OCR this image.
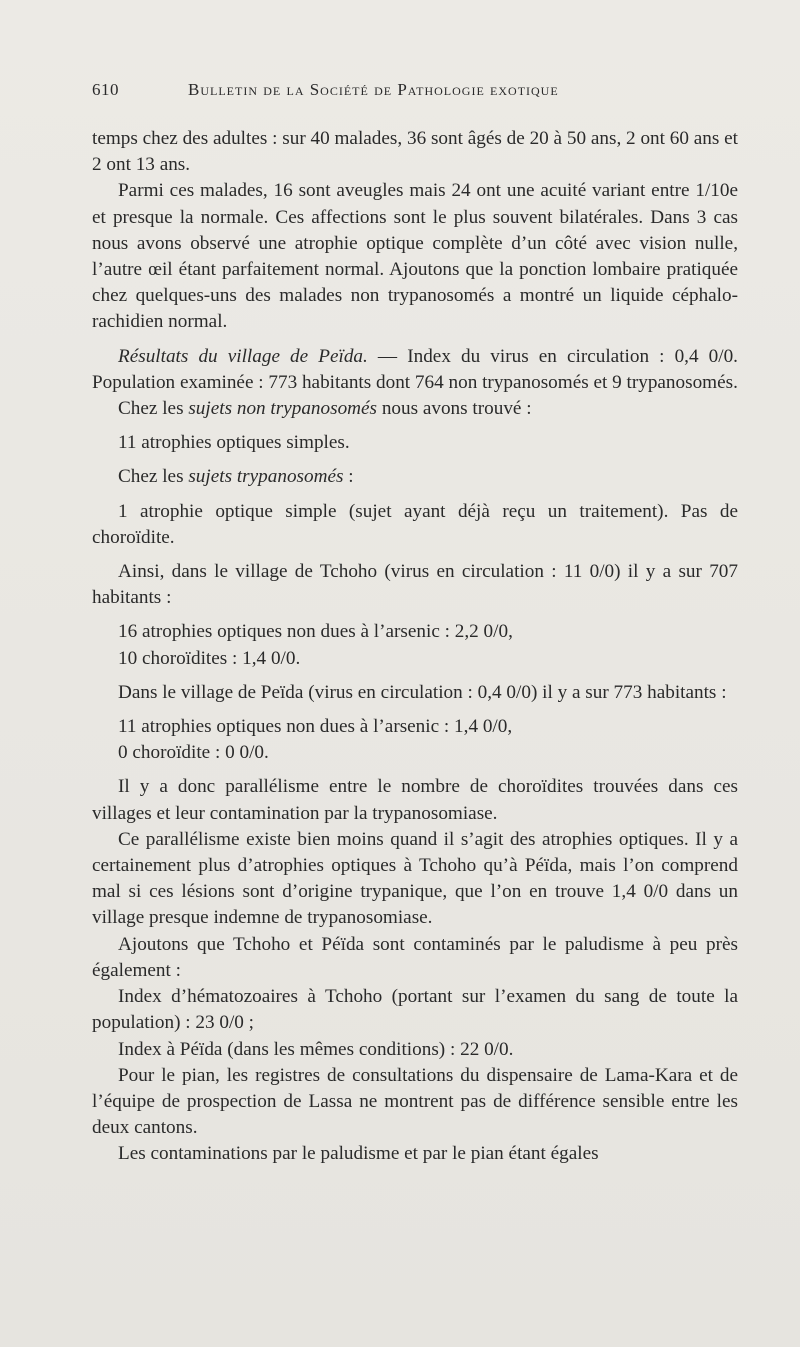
610	Bulletin de la Société de Pathologie exotique

temps chez des adultes : sur 40 malades, 36 sont âgés de 20 à 50 ans, 2 ont 60 ans et 2 ont 13 ans.

Parmi ces malades, 16 sont aveugles mais 24 ont une acuité variant entre 1/10e et presque la normale. Ces affections sont le plus souvent bilatérales. Dans 3 cas nous avons observé une atrophie optique complète d’un côté avec vision nulle, l’autre œil étant parfaitement normal. Ajoutons que la ponction lombaire pratiquée chez quelques-uns des malades non trypanosomés a montré un liquide céphalo-rachidien normal.

Résultats du village de Peïda. — Index du virus en circulation : 0,4 0/0. Population examinée : 773 habitants dont 764 non trypanosomés et 9 trypanosomés.

Chez les sujets non trypanosomés nous avons trouvé :

11 atrophies optiques simples.

Chez les sujets trypanosomés :

1 atrophie optique simple (sujet ayant déjà reçu un traitement). Pas de choroïdite.

Ainsi, dans le village de Tchoho (virus en circulation : 11 0/0) il y a sur 707 habitants :

16 atrophies optiques non dues à l’arsenic : 2,2 0/0,

10 choroïdites : 1,4 0/0.

Dans le village de Peïda (virus en circulation : 0,4 0/0) il y a sur 773 habitants :

11 atrophies optiques non dues à l’arsenic : 1,4 0/0,

0 choroïdite : 0 0/0.

Il y a donc parallélisme entre le nombre de choroïdites trouvées dans ces villages et leur contamination par la trypanosomiase.

Ce parallélisme existe bien moins quand il s’agit des atrophies optiques. Il y a certainement plus d’atrophies optiques à Tchoho qu’à Péïda, mais l’on comprend mal si ces lésions sont d’origine trypanique, que l’on en trouve 1,4 0/0 dans un village presque indemne de trypanosomiase.

Ajoutons que Tchoho et Péïda sont contaminés par le paludisme à peu près également :

Index d’hématozoaires à Tchoho (portant sur l’examen du sang de toute la population) : 23 0/0 ;

Index à Péïda (dans les mêmes conditions) : 22 0/0.

Pour le pian, les registres de consultations du dispensaire de Lama-Kara et de l’équipe de prospection de Lassa ne montrent pas de différence sensible entre les deux cantons.

Les contaminations par le paludisme et par le pian étant égales
